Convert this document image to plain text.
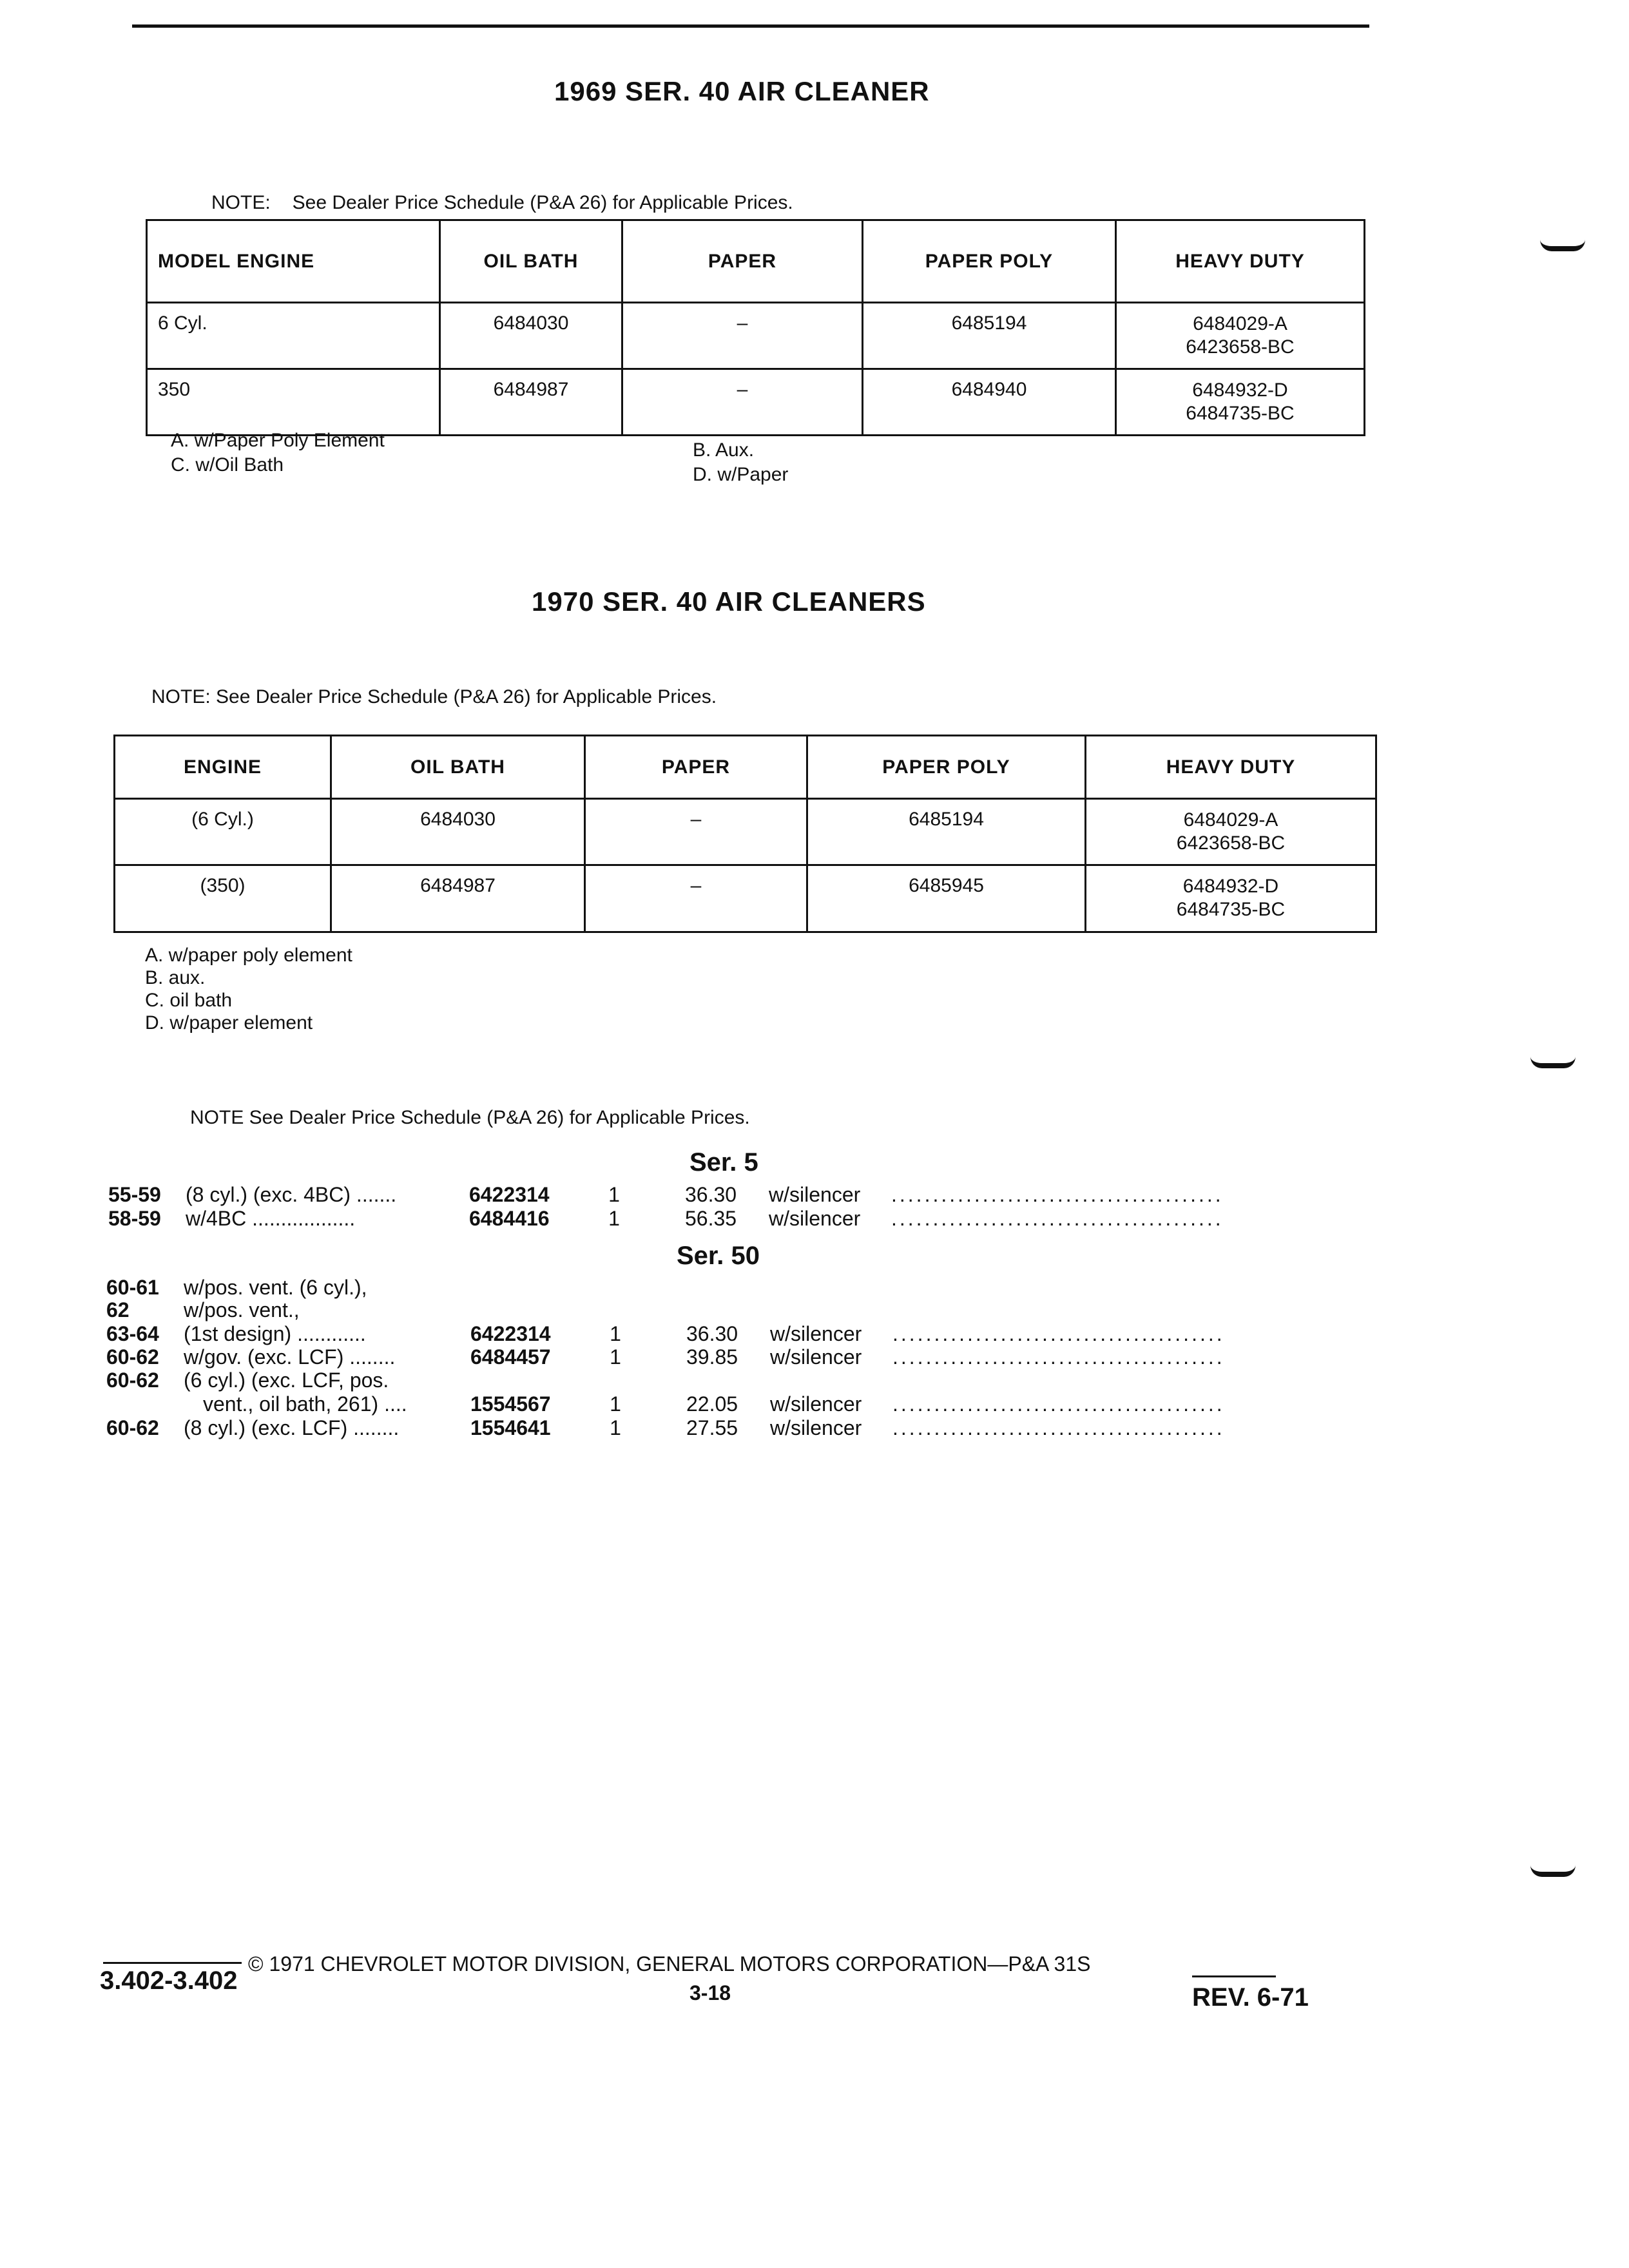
1969 SER. 40 AIR CLEANER
NOTE: See Dealer Price Schedule (P&A 26) for Applicable Prices.
MODEL ENGINE	OIL BATH	PAPER	PAPER POLY	HEAVY DUTY
6 Cyl.	6484030	–	6485194	6484029-A
6423658-BC

350	6484987	–	6484940	6484932-D
6484735-BC
A. w/Paper Poly Element
C. w/Oil Bath
B. Aux.
D. w/Paper
1970 SER. 40 AIR CLEANERS
NOTE: See Dealer Price Schedule (P&A 26) for Applicable Prices.
ENGINE	OIL BATH	PAPER	PAPER POLY	HEAVY DUTY
(6 Cyl.)	6484030	–	6485194	6484029-A
6423658-BC

(350)	6484987	–	6485945	6484932-D
6484735-BC
A. w/paper poly element
B. aux.
C. oil bath
D. w/paper element
NOTE See Dealer Price Schedule (P&A 26) for Applicable Prices.
Ser. 5
55-59 (8 cyl.) (exc. 4BC) .......	6422314	1	36.30 w/silencer ........................................
58-59 w/4BC ..................	6484416	1	56.35 w/silencer ........................................
Ser. 50
60-61 w/pos. vent. (6 cyl.),
62	w/pos. vent.,
63-64 (1st design) ............	6422314	1	36.30 w/silencer ........................................
60-62 w/gov. (exc. LCF) ........	6484457	1	39.85 w/silencer ........................................
60-62 (6 cyl.) (exc. LCF, pos.
vent., oil bath, 261) ....	1554567	1	22.05 w/silencer ........................................
60-62 (8 cyl.) (exc. LCF) ........	1554641	1	27.55 w/silencer ........................................
3.402-3.402
© 1971 CHEVROLET MOTOR DIVISION, GENERAL MOTORS CORPORATION—P&A 31S
3-18	REV. 6-71
